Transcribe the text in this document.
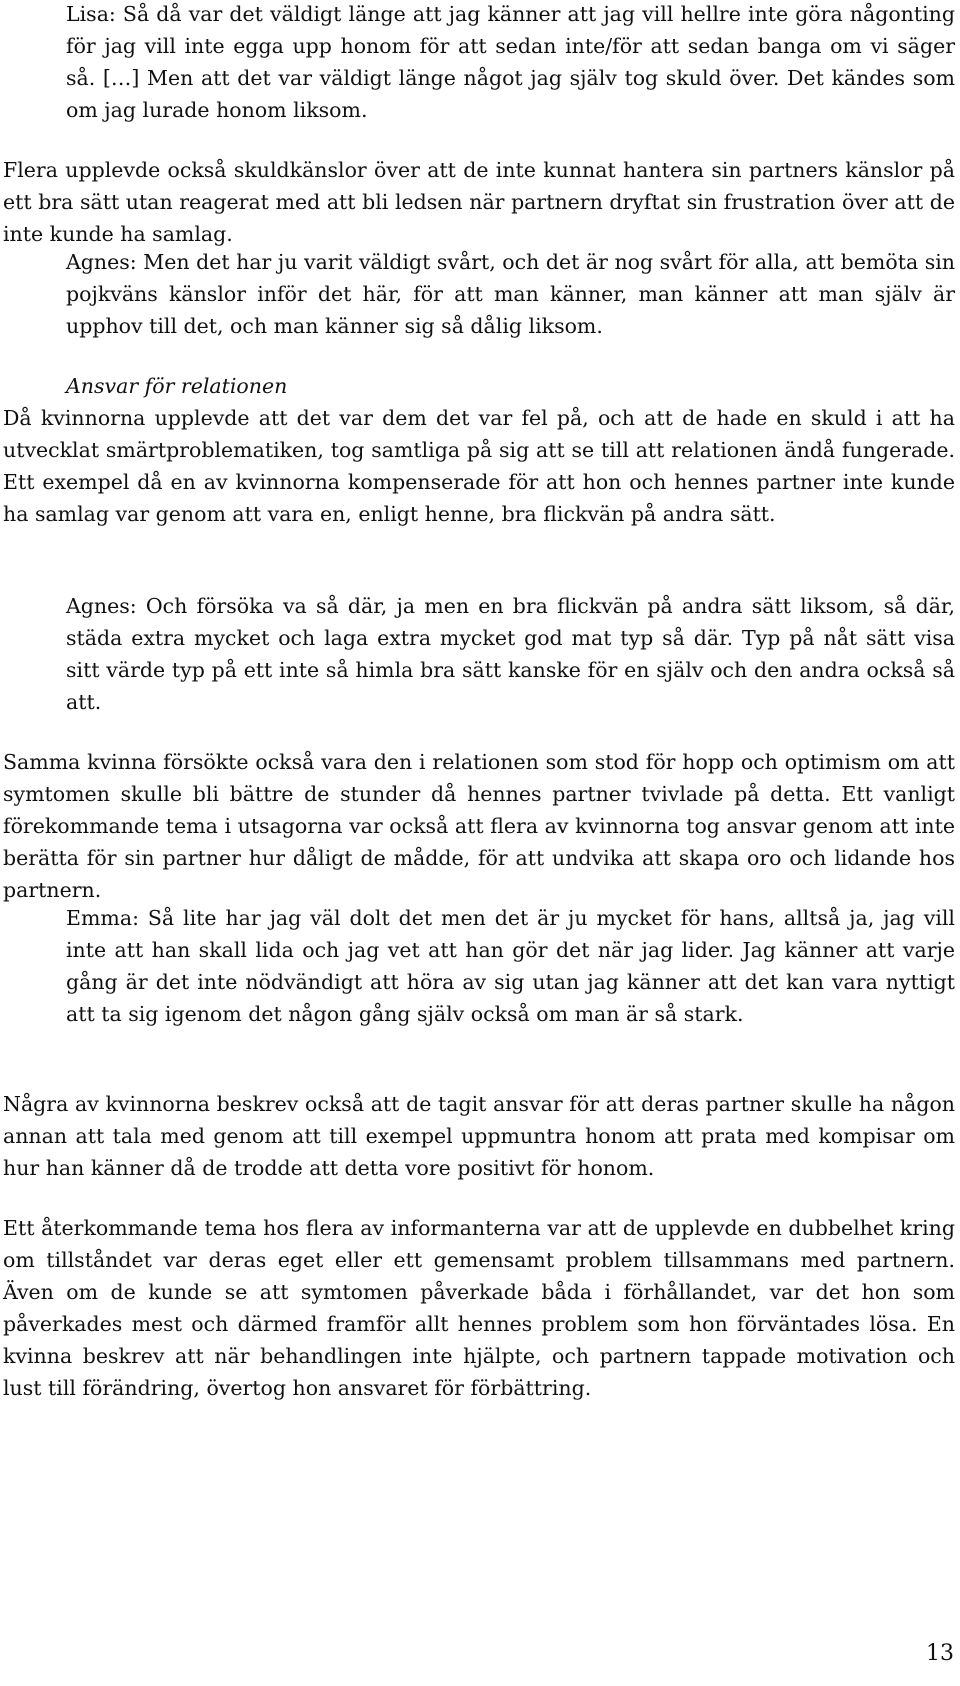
Lisa: Så då var det väldigt länge att jag känner att jag vill hellre inte göra någonting för jag vill inte egga upp honom för att sedan inte/för att sedan banga om vi säger så. […] Men att det var väldigt länge något jag själv tog skuld över. Det kändes som om jag lurade honom liksom.

Flera upplevde också skuldkänslor över att de inte kunnat hantera sin partners känslor på ett bra sätt utan reagerat med att bli ledsen när partnern dryftat sin frustration över att de inte kunde ha samlag.

Agnes: Men det har ju varit väldigt svårt, och det är nog svårt för alla, att bemöta sin pojkväns känslor inför det här, för att man känner, man känner att man själv är upphov till det, och man känner sig så dålig liksom.

Ansvar för relationen

Då kvinnorna upplevde att det var dem det var fel på, och att de hade en skuld i att ha utvecklat smärtproblematiken, tog samtliga på sig att se till att relationen ändå fungerade. Ett exempel då en av kvinnorna kompenserade för att hon och hennes partner inte kunde ha samlag var genom att vara en, enligt henne, bra flickvän på andra sätt.

Agnes: Och försöka va så där, ja men en bra flickvän på andra sätt liksom, så där, städa extra mycket och laga extra mycket god mat typ så där. Typ på nåt sätt visa sitt värde typ på ett inte så himla bra sätt kanske för en själv och den andra också så att.

Samma kvinna försökte också vara den i relationen som stod för hopp och optimism om att symtomen skulle bli bättre de stunder då hennes partner tvivlade på detta. Ett vanligt förekommande tema i utsagorna var också att flera av kvinnorna tog ansvar genom att inte berätta för sin partner hur dåligt de mådde, för att undvika att skapa oro och lidande hos partnern.

Emma: Så lite har jag väl dolt det men det är ju mycket för hans, alltså ja, jag vill inte att han skall lida och jag vet att han gör det när jag lider. Jag känner att varje gång är det inte nödvändigt att höra av sig utan jag känner att det kan vara nyttigt att ta sig igenom det någon gång själv också om man är så stark.

Några av kvinnorna beskrev också att de tagit ansvar för att deras partner skulle ha någon annan att tala med genom att till exempel uppmuntra honom att prata med kompisar om hur han känner då de trodde att detta vore positivt för honom.

Ett återkommande tema hos flera av informanterna var att de upplevde en dubbelhet kring om tillståndet var deras eget eller ett gemensamt problem tillsammans med partnern. Även om de kunde se att symtomen påverkade båda i förhållandet, var det hon som påverkades mest och därmed framför allt hennes problem som hon förväntades lösa. En kvinna beskrev att när behandlingen inte hjälpte, och partnern tappade motivation och lust till förändring, övertog hon ansvaret för förbättring.

13
